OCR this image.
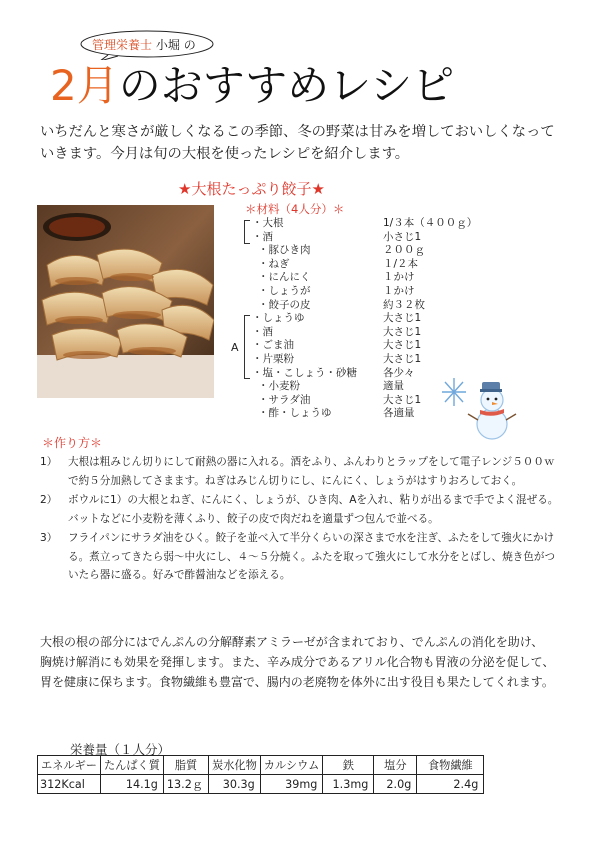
管理栄養士 小堀 の
2月のおすすめレシピ
いちだんと寒さが厳しくなるこの季節、冬の野菜は甘みを増しておいしくなっていきます。今月は旬の大根を使ったレシピを紹介します。
★大根たっぷり餃子★
＊材料（4人分）＊
A
・大根	1/３本（４００ｇ）
・酒	小さじ1
・豚ひき肉	２００ｇ
・ねぎ	１/２本
・にんにく	１かけ
・しょうが	１かけ
・餃子の皮	約３２枚
・しょうゆ	大さじ1
・酒	大さじ1
・ごま油	大さじ1
・片栗粉	大さじ1
・塩・こしょう・砂糖 各少々
・小麦粉	適量
・サラダ油	大さじ1
・酢・しょうゆ	各適量
＊作り方＊
1） 大根は粗みじん切りにして耐熱の器に入れる。酒をふり、ふんわりとラップをして電子レンジ５００ｗで約５分加熱してさまます。ねぎはみじん切りにし、にんにく、しょうがはすりおろしておく。
2） ボウルに1）の大根とねぎ、にんにく、しょうが、ひき肉、Aを入れ、粘りが出るまで手でよく混ぜる。バットなどに小麦粉を薄くふり、餃子の皮で肉だねを適量ずつ包んで並べる。
3） フライパンにサラダ油をひく。餃子を並べ入て半分くらいの深さまで水を注ぎ、ふたをして強火にかける。煮立ってきたら弱～中火にし、４～５分焼く。ふたを取って強火にして水分をとばし、焼き色がついたら器に盛る。好みで酢醤油などを添える。
大根の根の部分にはでんぷんの分解酵素アミラーゼが含まれており、でんぷんの消化を助け、胸焼け解消にも効果を発揮します。また、辛み成分であるアリル化合物も胃液の分泌を促して、胃を健康に保ちます。食物繊維も豊富で、腸内の老廃物を体外に出す役目も果たしてくれます。
栄養量（１人分）
エネルギー	たんぱく質	脂質	炭水化物	カルシウム	鉄	塩分	食物繊維
312Kcal	14.1g	13.2ｇ	30.3g	39mg	1.3mg	2.0g	2.4g
